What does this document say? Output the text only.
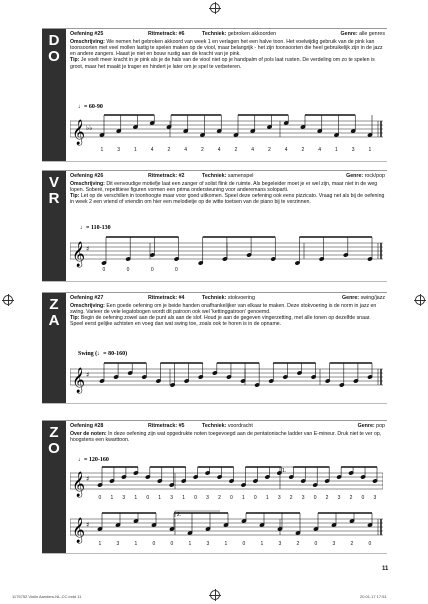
D
O
Oefening #25	Ritmetrack: #6	Techniek: gebroken akkoorden	Genre: alle genres
Omschrijving: We nemen het gebroken akkoord van week 1 en verlagen het een halve toon. Het voelwijdig gebruik van de pink kan toonsoorten met veel mollen lastig te spelen maken op de viool, maar belangrijk - het zijn toonsoorten die heel gebruikelijk zijn in de jazz en andere zangers. Haast je niet en bouw rustig aan de kracht van je pink.
Tip: Je voelt meer kracht in je pink als je de hals van de viool niet op je handpalm of pols laat rusten. De verdeling om zo te spelen is groot, maar het maakt je trager en hindert je later om je spel te verbeteren.
♩= 60-90
𝄞 ♭♭
1	3	1	4	2	4	2	4	2	4	2	4	2	4	1	3	1
V
R
Oefening #26	Ritmetrack: #2	Techniek: samenspel	Genre: rock/pop
Omschrijving: Dit eenvoudige motiefje laat een zanger of solist flink de ruimte. Als begeleider moet je er wel zijn, maar niet in de weg lopen. Soberé, repetitieve figuren vormen een prima ondersteuning voor anderemans soloparti.
Tip: Let op de verschillen in toonhoogte maar voor goed uitkomen. Speel deze oefening ook eens pizzicato. Vraag net als bij de oefening in week 2 een vriend of vriendin om hier een melodietje op de witte toetsen van de piano bij te verzinnen.
♩= 110-130
𝄞 ♯
0	0	0	0
Z
A
Oefening #27	Ritmetrack: #4	Techniek: stokvoering	Genre: swing/jazz
Omschrijving: Een goede oefening om je beide handen onafhankelijker van elkaar te maken. Deze stokvoering is de norm in jazz en swing. Varieer de vele legatobogen wordt dit patroon ook wel 'kettinggatroon' genoemd.
Tip: Begin de oefening zowel aan de punt als aan de slof. Houd je aan de gegeven vingerzetting, met alle tonen op dezelfde snaar. Speel eerst gelijke achtsten en voeg dan wat swing toe, zoals ook te horen is in de opname.
Swing (♩= 80-160)
𝄞 ♯
Z
O
Oefening #28	Ritmetrack: #5	Techniek: voordracht	Genre: pop
Over de noten: In deze oefening zijn wat opgedrukte noten toegevoegd aan de pentatonische ladder van E-mineur. Druk niet te ver op, hoogstens een kwarttoon.
♩= 120-160
1.
𝄞 ♯
0 1 3 1 0 1 3 1 0 3 2 0 1 0 1 3 2 3 0 2 3 2 0 3
2.
𝄞 ♯
1	3	1	0	0	1	3	1	0	1	3	2	0	3	2	0
11
1175752 Violin Aanders-NL-CC.indd 11	20.01.17 17:51
